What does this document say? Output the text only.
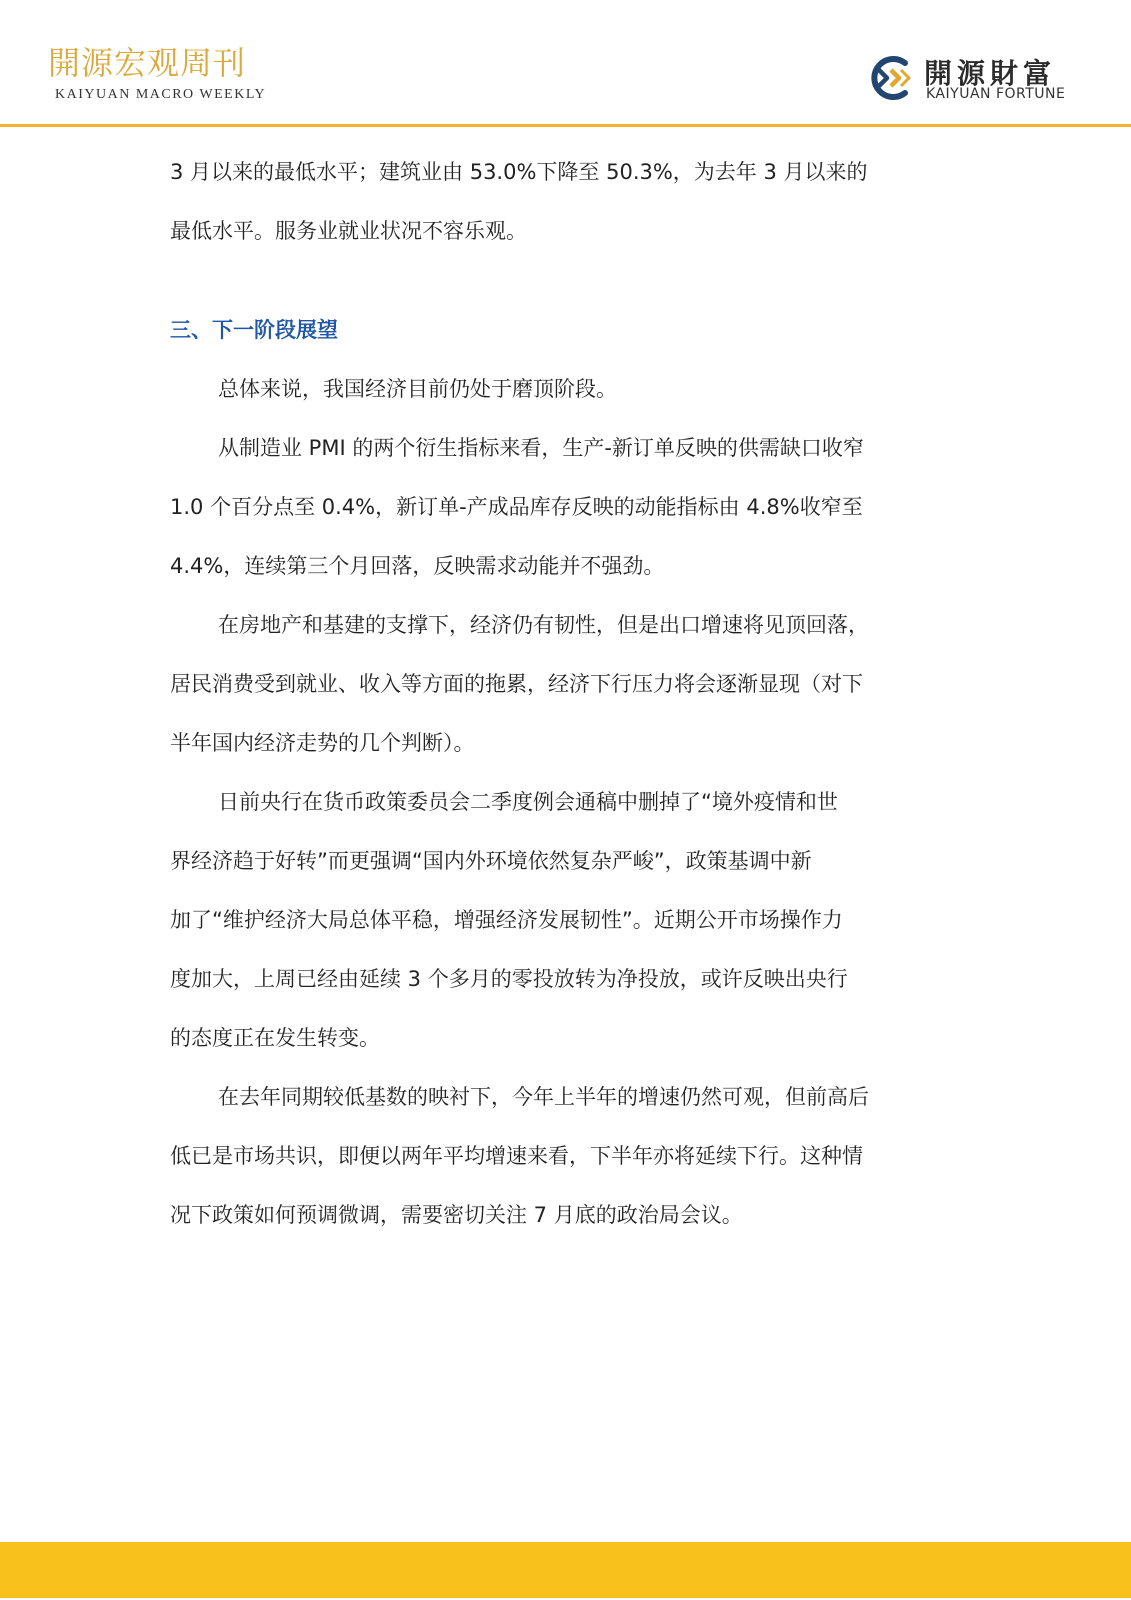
開源宏观周刊
KAIYUAN MACRO WEEKLY
開源財富
KAIYUAN FORTUNE

3 月以来的最低水平；建筑业由 53.0%下降至 50.3%，为去年 3 月以来的
最低水平。服务业就业状况不容乐观。

三、下一阶段展望

总体来说，我国经济目前仍处于磨顶阶段。

从制造业 PMI 的两个衍生指标来看，生产-新订单反映的供需缺口收窄
1.0 个百分点至 0.4%，新订单-产成品库存反映的动能指标由 4.8%收窄至
4.4%，连续第三个月回落，反映需求动能并不强劲。

在房地产和基建的支撑下，经济仍有韧性，但是出口增速将见顶回落，
居民消费受到就业、收入等方面的拖累，经济下行压力将会逐渐显现（对下
半年国内经济走势的几个判断）。

日前央行在货币政策委员会二季度例会通稿中删掉了“境外疫情和世
界经济趋于好转”而更强调“国内外环境依然复杂严峻”，政策基调中新
加了“维护经济大局总体平稳，增强经济发展韧性”。近期公开市场操作力
度加大，上周已经由延续 3 个多月的零投放转为净投放，或许反映出央行
的态度正在发生转变。

在去年同期较低基数的映衬下，今年上半年的增速仍然可观，但前高后
低已是市场共识，即便以两年平均增速来看，下半年亦将延续下行。这种情
况下政策如何预调微调，需要密切关注 7 月底的政治局会议。
